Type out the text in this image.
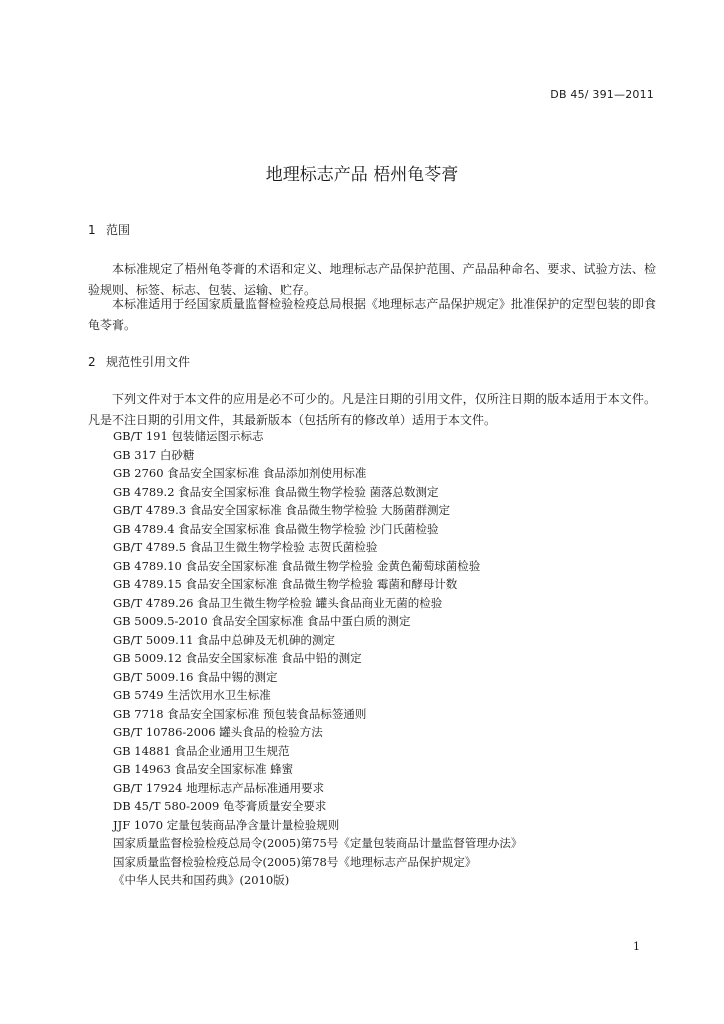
DB 45/ 391—2011
地理标志产品 梧州龟苓膏
1 范围

本标准规定了梧州龟苓膏的术语和定义、地理标志产品保护范围、产品品种命名、要求、试验方法、检验规则、标签、标志、包装、运输、贮存。

本标准适用于经国家质量监督检验检疫总局根据《地理标志产品保护规定》批准保护的定型包装的即食龟苓膏。

2 规范性引用文件

下列文件对于本文件的应用是必不可少的。凡是注日期的引用文件，仅所注日期的版本适用于本文件。凡是不注日期的引用文件，其最新版本（包括所有的修改单）适用于本文件。

GB/T 191 包装储运图示标志
GB 317 白砂糖
GB 2760 食品安全国家标准 食品添加剂使用标准
GB 4789.2 食品安全国家标准 食品微生物学检验 菌落总数测定
GB/T 4789.3 食品安全国家标准 食品微生物学检验 大肠菌群测定
GB 4789.4 食品安全国家标准 食品微生物学检验 沙门氏菌检验
GB/T 4789.5 食品卫生微生物学检验 志贺氏菌检验
GB 4789.10 食品安全国家标准 食品微生物学检验 金黄色葡萄球菌检验
GB 4789.15 食品安全国家标准 食品微生物学检验 霉菌和酵母计数
GB/T 4789.26 食品卫生微生物学检验 罐头食品商业无菌的检验
GB 5009.5-2010 食品安全国家标准 食品中蛋白质的测定
GB/T 5009.11 食品中总砷及无机砷的测定
GB 5009.12 食品安全国家标准 食品中铅的测定
GB/T 5009.16 食品中锡的测定
GB 5749 生活饮用水卫生标准
GB 7718 食品安全国家标准 预包装食品标签通则
GB/T 10786-2006 罐头食品的检验方法
GB 14881 食品企业通用卫生规范
GB 14963 食品安全国家标准 蜂蜜
GB/T 17924 地理标志产品标准通用要求
DB 45/T 580-2009 龟苓膏质量安全要求
JJF 1070 定量包装商品净含量计量检验规则
国家质量监督检验检疫总局令(2005)第75号《定量包装商品计量监督管理办法》
国家质量监督检验检疫总局令(2005)第78号《地理标志产品保护规定》
《中华人民共和国药典》(2010版)
1
